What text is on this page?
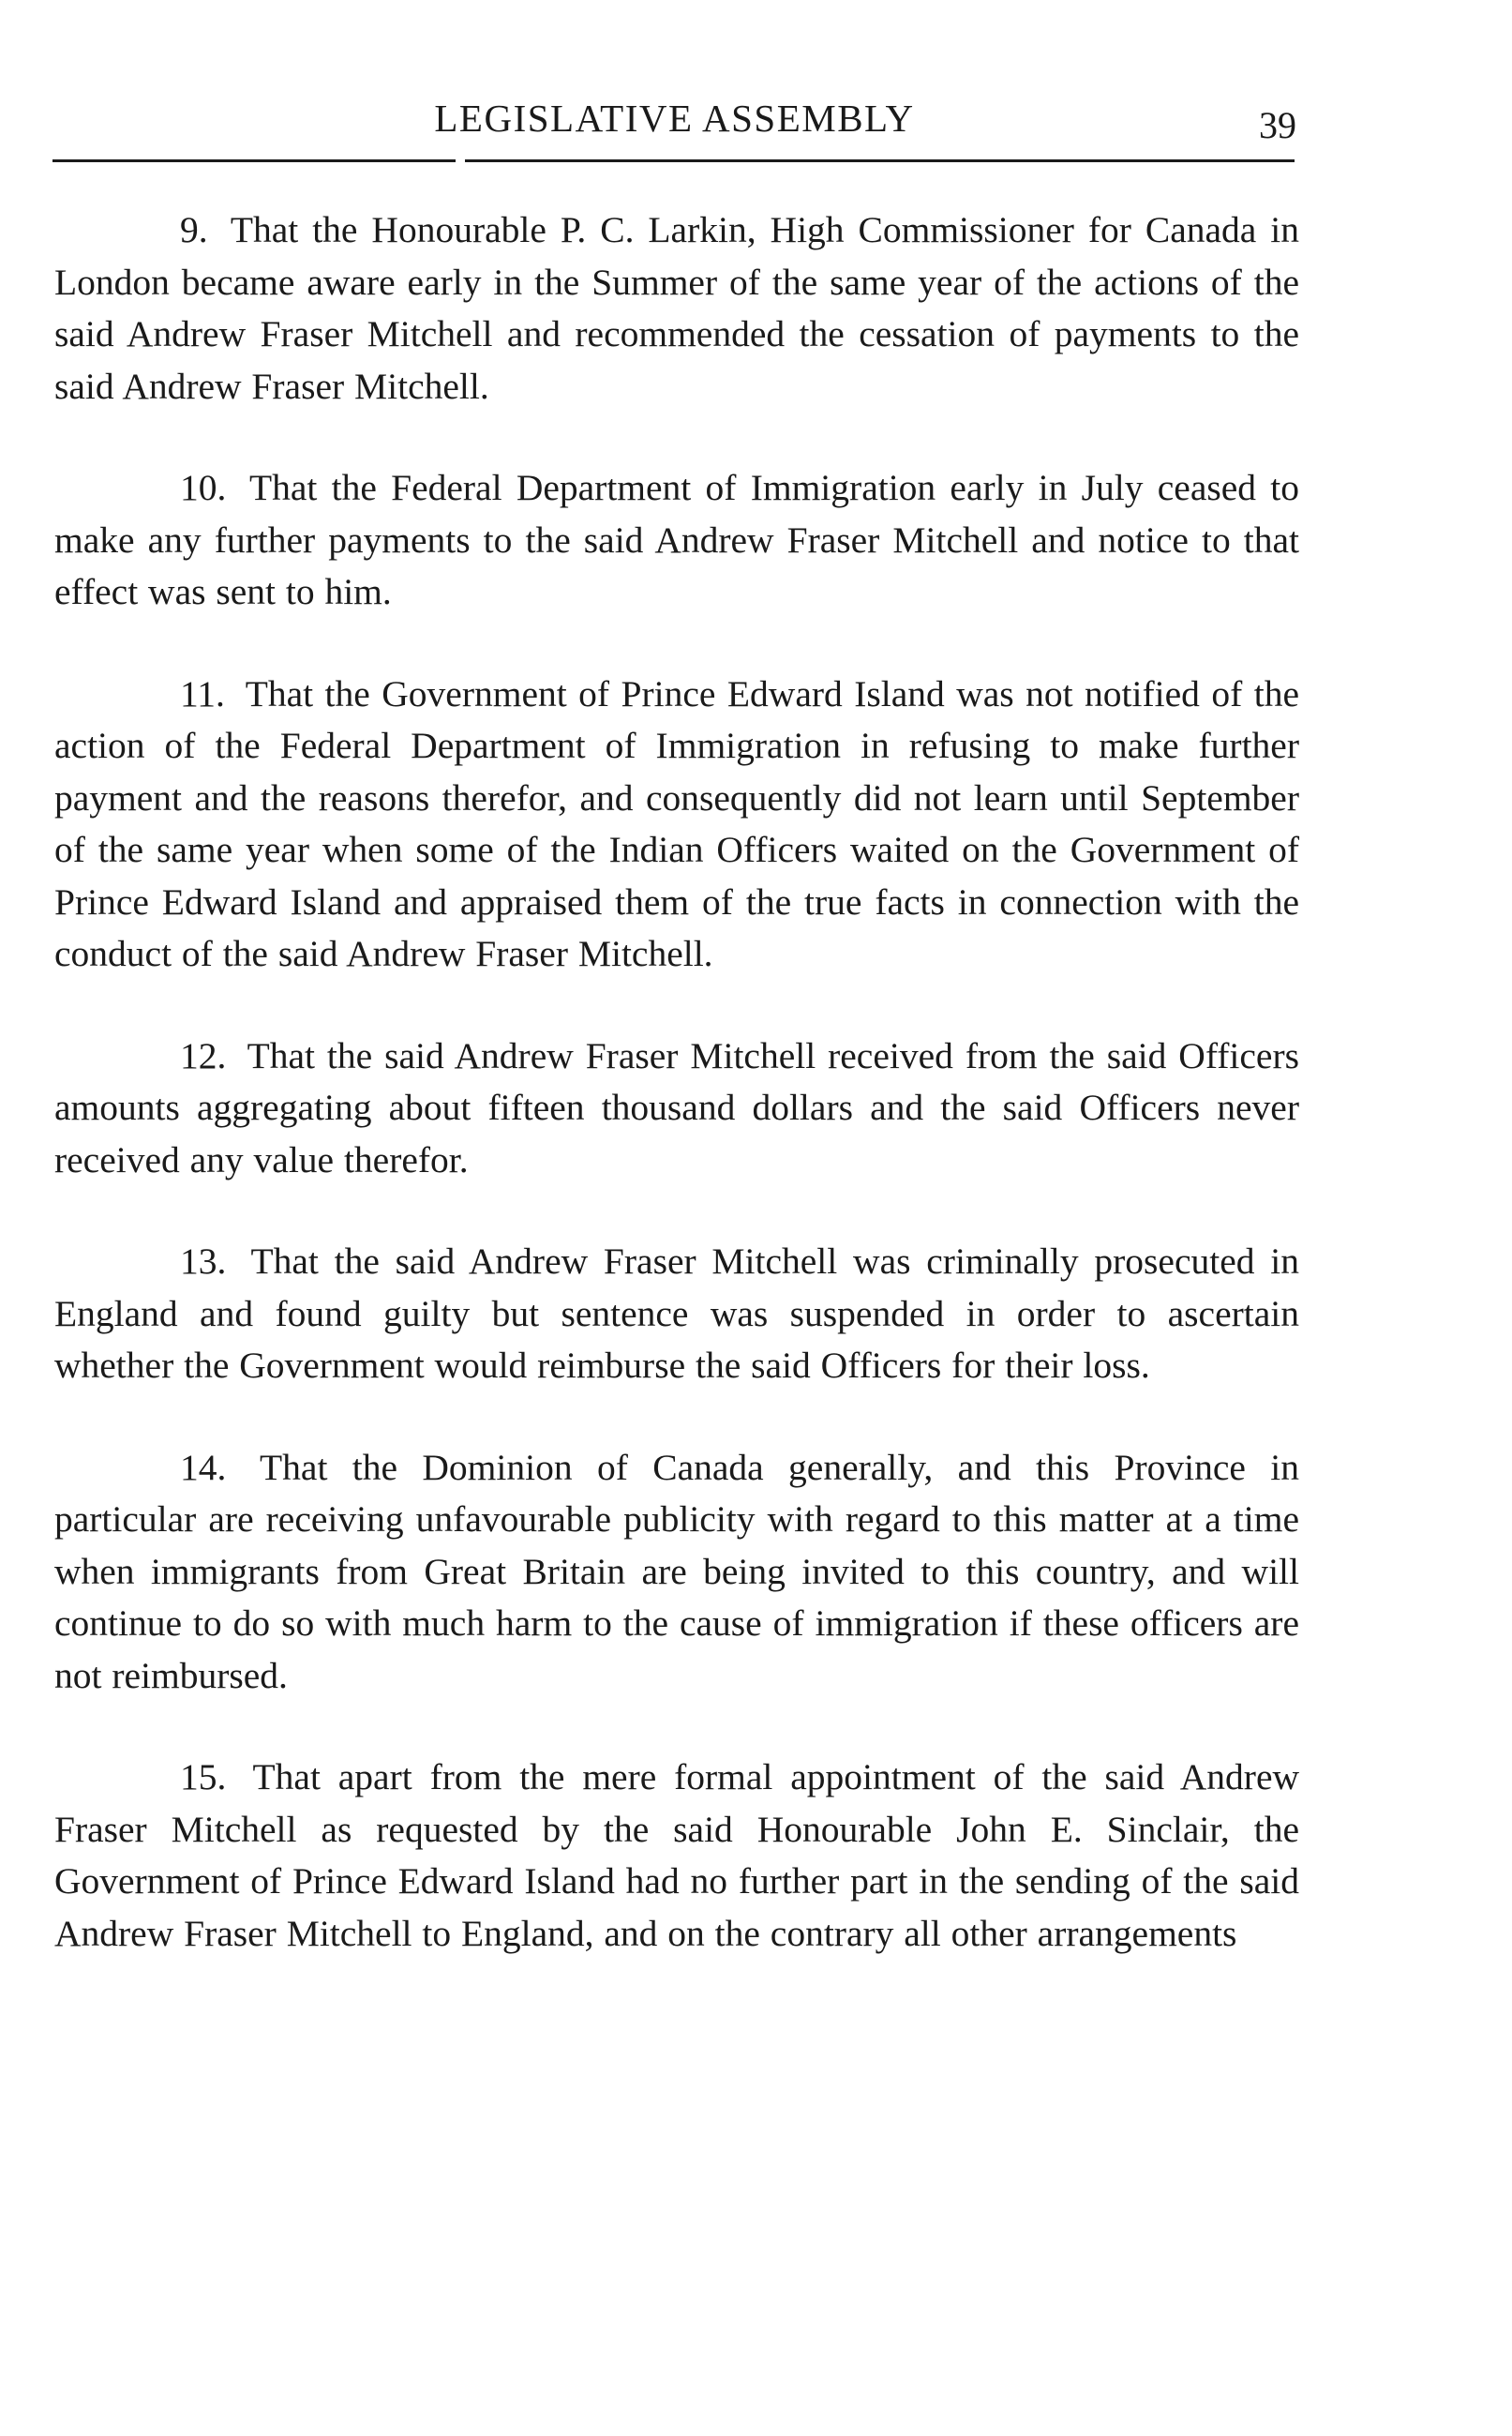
LEGISLATIVE ASSEMBLY	39

9. That the Honourable P. C. Larkin, High Commissioner for Canada in London became aware early in the Summer of the same year of the actions of the said Andrew Fraser Mitchell and recommended the cessation of payments to the said Andrew Fraser Mitchell.

10. That the Federal Department of Immigration early in July ceased to make any further payments to the said Andrew Fraser Mitchell and notice to that effect was sent to him.

11. That the Government of Prince Edward Island was not notified of the action of the Federal Department of Immigration in refusing to make further payment and the reasons therefor, and consequently did not learn until September of the same year when some of the Indian Officers waited on the Government of Prince Edward Island and appraised them of the true facts in connection with the conduct of the said Andrew Fraser Mitchell.

12. That the said Andrew Fraser Mitchell received from the said Officers amounts aggregating about fifteen thousand dollars and the said Officers never received any value therefor.

13. That the said Andrew Fraser Mitchell was criminally prosecuted in England and found guilty but sentence was suspended in order to ascertain whether the Government would reimburse the said Officers for their loss.

14. That the Dominion of Canada generally, and this Province in particular are receiving unfavourable publicity with regard to this matter at a time when immigrants from Great Britain are being invited to this country, and will continue to do so with much harm to the cause of immigration if these officers are not reimbursed.

15. That apart from the mere formal appointment of the said Andrew Fraser Mitchell as requested by the said Honourable John E. Sinclair, the Government of Prince Edward Island had no further part in the sending of the said Andrew Fraser Mitchell to England, and on the contrary all other arrangements
